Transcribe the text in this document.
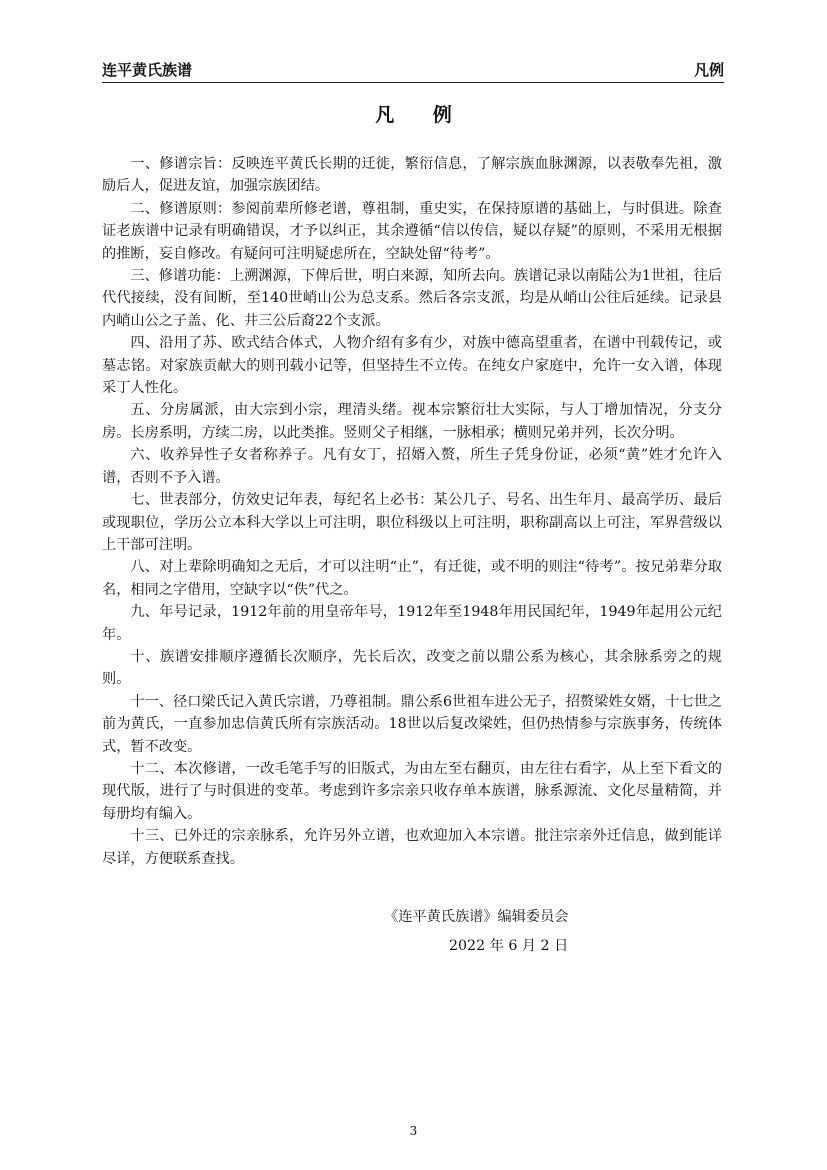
连平黄氏族谱	凡例
凡 例

一、修谱宗旨：反映连平黄氏长期的迁徙，繁衍信息，了解宗族血脉渊源，以表敬奉先祖，激励后人，促进友谊，加强宗族团结。

二、修谱原则：参阅前辈所修老谱，尊祖制，重史实，在保持原谱的基础上，与时俱进。除查证老族谱中记录有明确错误，才予以纠正，其余遵循“信以传信，疑以存疑”的原则，不采用无根据的推断，妄自修改。有疑问可注明疑虑所在，空缺处留“待考”。

三、修谱功能：上溯渊源，下俾后世，明白来源，知所去向。族谱记录以南陆公为1世祖，往后代代接续，没有间断，至140世峭山公为总支系。然后各宗支派，均是从峭山公往后延续。记录县内峭山公之子盖、化、井三公后裔22个支派。

四、沿用了苏、欧式结合体式，人物介绍有多有少，对族中德高望重者，在谱中刊载传记，或墓志铭。对家族贡献大的则刊载小记等，但坚持生不立传。在纯女户家庭中，允许一女入谱，体现采丁人性化。

五、分房属派，由大宗到小宗，理清头绪。视本宗繁衍壮大实际，与人丁增加情况，分支分房。长房系明，方续二房，以此类推。竖则父子相继，一脉相承；横则兄弟并列，长次分明。

六、收养异性子女者称养子。凡有女丁，招婿入赘，所生子凭身份证，必须“黄”姓才允许入谱，否则不予入谱。

七、世表部分，仿效史记年表，每纪名上必书：某公几子、号名、出生年月、最高学历、最后或现职位，学历公立本科大学以上可注明，职位科级以上可注明，职称副高以上可注，军界营级以上干部可注明。

八、对上辈除明确知之无后，才可以注明“止”，有迁徙，或不明的则注“待考”。按兄弟辈分取名，相同之字借用，空缺字以“佚”代之。

九、年号记录，1912年前的用皇帝年号，1912年至1948年用民国纪年，1949年起用公元纪年。

十、族谱安排顺序遵循长次顺序，先长后次，改变之前以鼎公系为核心，其余脉系旁之的规则。

十一、径口梁氏记入黄氏宗谱，乃尊祖制。鼎公系6世祖车进公无子，招赘梁姓女婿，十七世之前为黄氏，一直参加忠信黄氏所有宗族活动。18世以后复改梁姓，但仍热情参与宗族事务，传统体式，暂不改变。

十二、本次修谱，一改毛笔手写的旧版式，为由左至右翻页，由左往右看字，从上至下看文的现代版，进行了与时俱进的变革。考虑到许多宗亲只收存单本族谱，脉系源流、文化尽量精简，并每册均有编入。

十三、已外迁的宗亲脉系，允许另外立谱，也欢迎加入本宗谱。批注宗亲外迁信息，做到能详尽详，方便联系查找。

《连平黄氏族谱》编辑委员会
2022 年 6 月 2 日
3
